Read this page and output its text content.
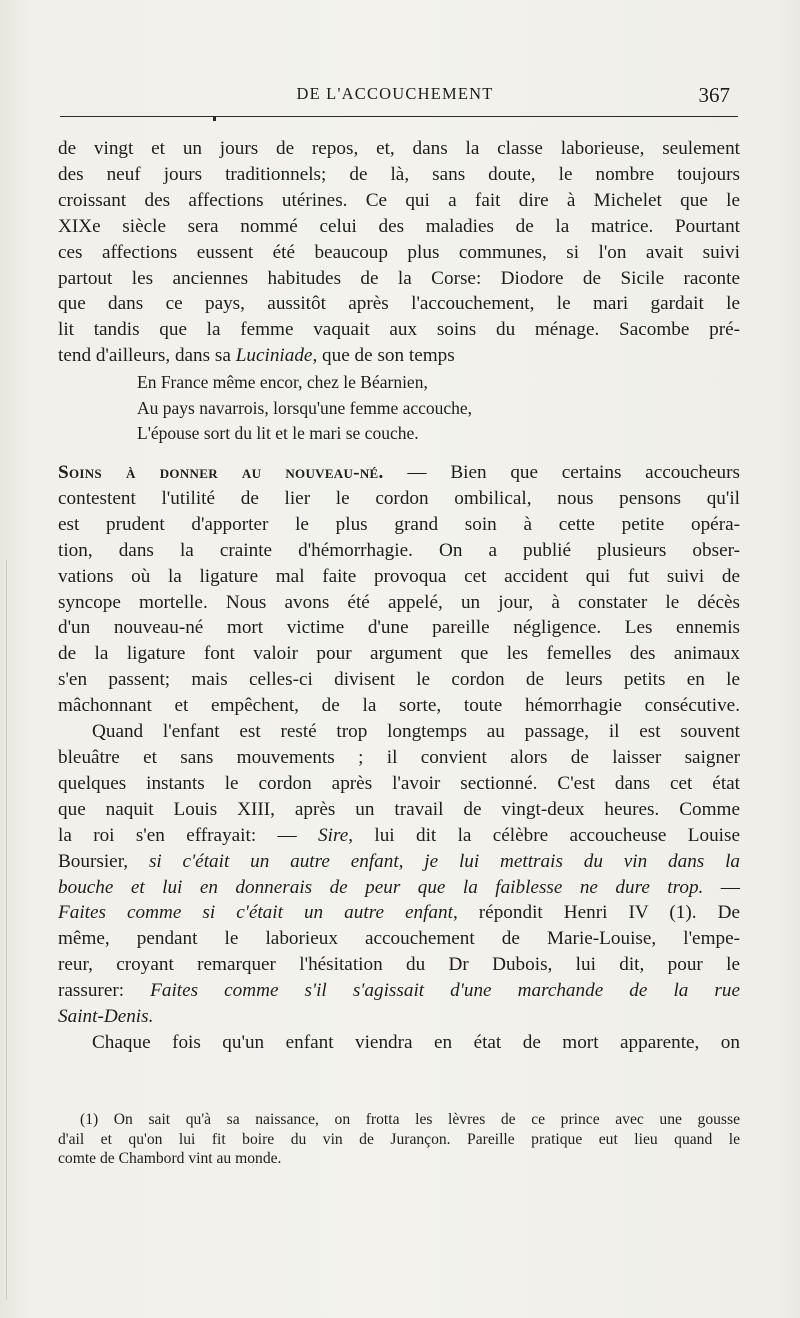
DE L'ACCOUCHEMENT	367
de vingt et un jours de repos, et, dans la classe laborieuse, seulement
des neuf jours traditionnels; de là, sans doute, le nombre toujours
croissant des affections utérines. Ce qui a fait dire à Michelet que le
XIXe siècle sera nommé celui des maladies de la matrice. Pourtant
ces affections eussent été beaucoup plus communes, si l'on avait suivi
partout les anciennes habitudes de la Corse: Diodore de Sicile raconte
que dans ce pays, aussitôt après l'accouchement, le mari gardait le
lit tandis que la femme vaquait aux soins du ménage. Sacombe pré-
tend d'ailleurs, dans sa Luciniade, que de son temps
En France même encor, chez le Béarnien,
Au pays navarrois, lorsqu'une femme accouche,
L'épouse sort du lit et le mari se couche.
Soins à donner au nouveau-né. — Bien que certains accoucheurs
contestent l'utilité de lier le cordon ombilical, nous pensons qu'il
est prudent d'apporter le plus grand soin à cette petite opéra-
tion, dans la crainte d'hémorrhagie. On a publié plusieurs obser-
vations où la ligature mal faite provoqua cet accident qui fut suivi de
syncope mortelle. Nous avons été appelé, un jour, à constater le décès
d'un nouveau-né mort victime d'une pareille négligence. Les ennemis
de la ligature font valoir pour argument que les femelles des animaux
s'en passent; mais celles-ci divisent le cordon de leurs petits en le
mâchonnant et empêchent, de la sorte, toute hémorrhagie consécutive.
Quand l'enfant est resté trop longtemps au passage, il est souvent
bleuâtre et sans mouvements ; il convient alors de laisser saigner
quelques instants le cordon après l'avoir sectionné. C'est dans cet état
que naquit Louis XIII, après un travail de vingt-deux heures. Comme
la roi s'en effrayait: — Sire, lui dit la célèbre accoucheuse Louise
Boursier, si c'était un autre enfant, je lui mettrais du vin dans la
bouche et lui en donnerais de peur que la faiblesse ne dure trop. —
Faites comme si c'était un autre enfant, répondit Henri IV (1). De
même, pendant le laborieux accouchement de Marie-Louise, l'empe-
reur, croyant remarquer l'hésitation du Dr Dubois, lui dit, pour le
rassurer: Faites comme s'il s'agissait d'une marchande de la rue
Saint-Denis.
Chaque fois qu'un enfant viendra en état de mort apparente, on
(1) On sait qu'à sa naissance, on frotta les lèvres de ce prince avec une gousse
d'ail et qu'on lui fit boire du vin de Jurançon. Pareille pratique eut lieu quand le
comte de Chambord vint au monde.
